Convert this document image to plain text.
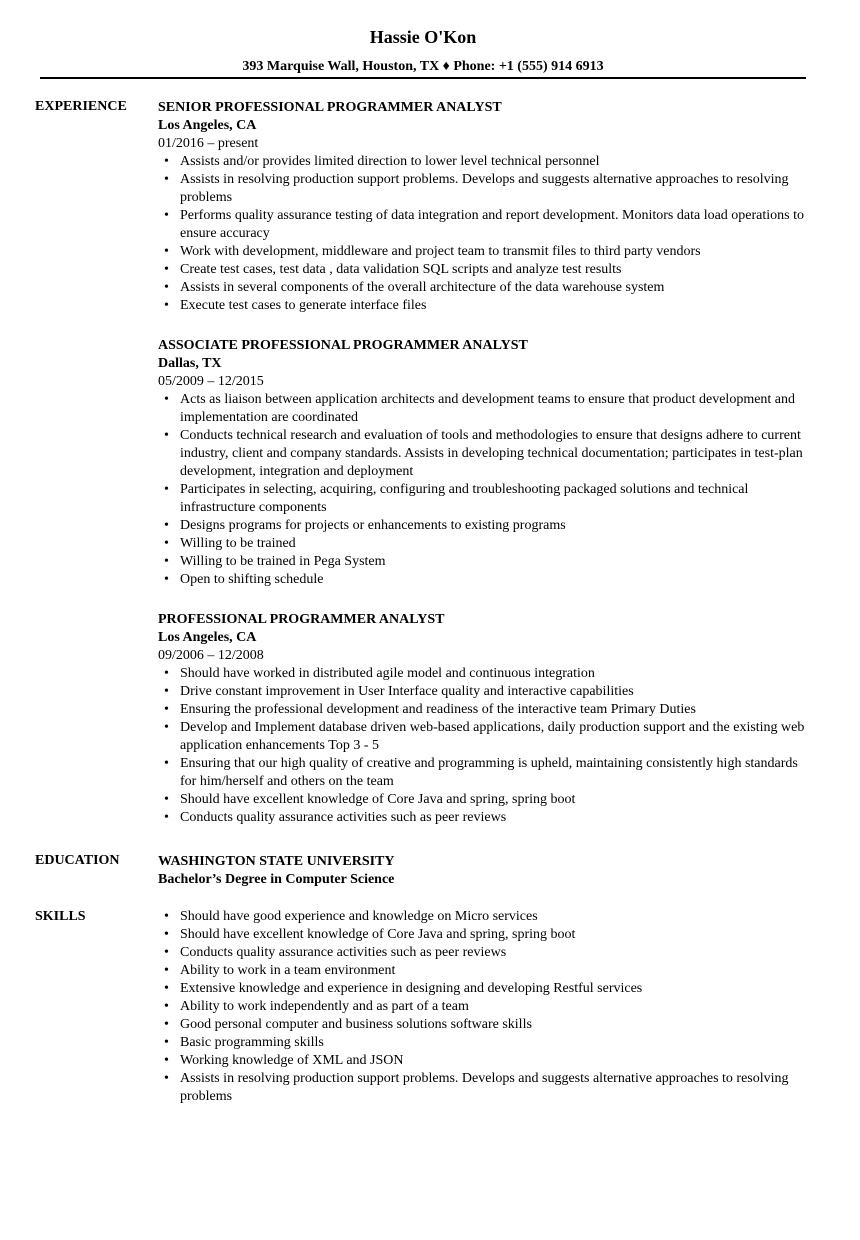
Hassie O'Kon
393 Marquise Wall, Houston, TX ♦ Phone: +1 (555) 914 6913
EXPERIENCE SENIOR PROFESSIONAL PROGRAMMER ANALYST
Los Angeles, CA
01/2016 – present
• Assists and/or provides limited direction to lower level technical personnel
• Assists in resolving production support problems. Develops and suggests alternative approaches to resolving problems
• Performs quality assurance testing of data integration and report development. Monitors data load operations to ensure accuracy
• Work with development, middleware and project team to transmit files to third party vendors
• Create test cases, test data , data validation SQL scripts and analyze test results
• Assists in several components of the overall architecture of the data warehouse system
• Execute test cases to generate interface files
ASSOCIATE PROFESSIONAL PROGRAMMER ANALYST
Dallas, TX
05/2009 – 12/2015
• Acts as liaison between application architects and development teams to ensure that product development and implementation are coordinated
• Conducts technical research and evaluation of tools and methodologies to ensure that designs adhere to current industry, client and company standards. Assists in developing technical documentation; participates in test-plan development, integration and deployment
• Participates in selecting, acquiring, configuring and troubleshooting packaged solutions and technical infrastructure components
• Designs programs for projects or enhancements to existing programs
• Willing to be trained
• Willing to be trained in Pega System
• Open to shifting schedule
PROFESSIONAL PROGRAMMER ANALYST
Los Angeles, CA
09/2006 – 12/2008
• Should have worked in distributed agile model and continuous integration
• Drive constant improvement in User Interface quality and interactive capabilities
• Ensuring the professional development and readiness of the interactive team Primary Duties
• Develop and Implement database driven web-based applications, daily production support and the existing web application enhancements Top 3 - 5
• Ensuring that our high quality of creative and programming is upheld, maintaining consistently high standards for him/herself and others on the team
• Should have excellent knowledge of Core Java and spring, spring boot
• Conducts quality assurance activities such as peer reviews
EDUCATION	WASHINGTON STATE UNIVERSITY
Bachelor’s Degree in Computer Science
SKILLS	• Should have good experience and knowledge on Micro services
• Should have excellent knowledge of Core Java and spring, spring boot
• Conducts quality assurance activities such as peer reviews
• Ability to work in a team environment
• Extensive knowledge and experience in designing and developing Restful services
• Ability to work independently and as part of a team
• Good personal computer and business solutions software skills
• Basic programming skills
• Working knowledge of XML and JSON
• Assists in resolving production support problems. Develops and suggests alternative approaches to resolving problems
